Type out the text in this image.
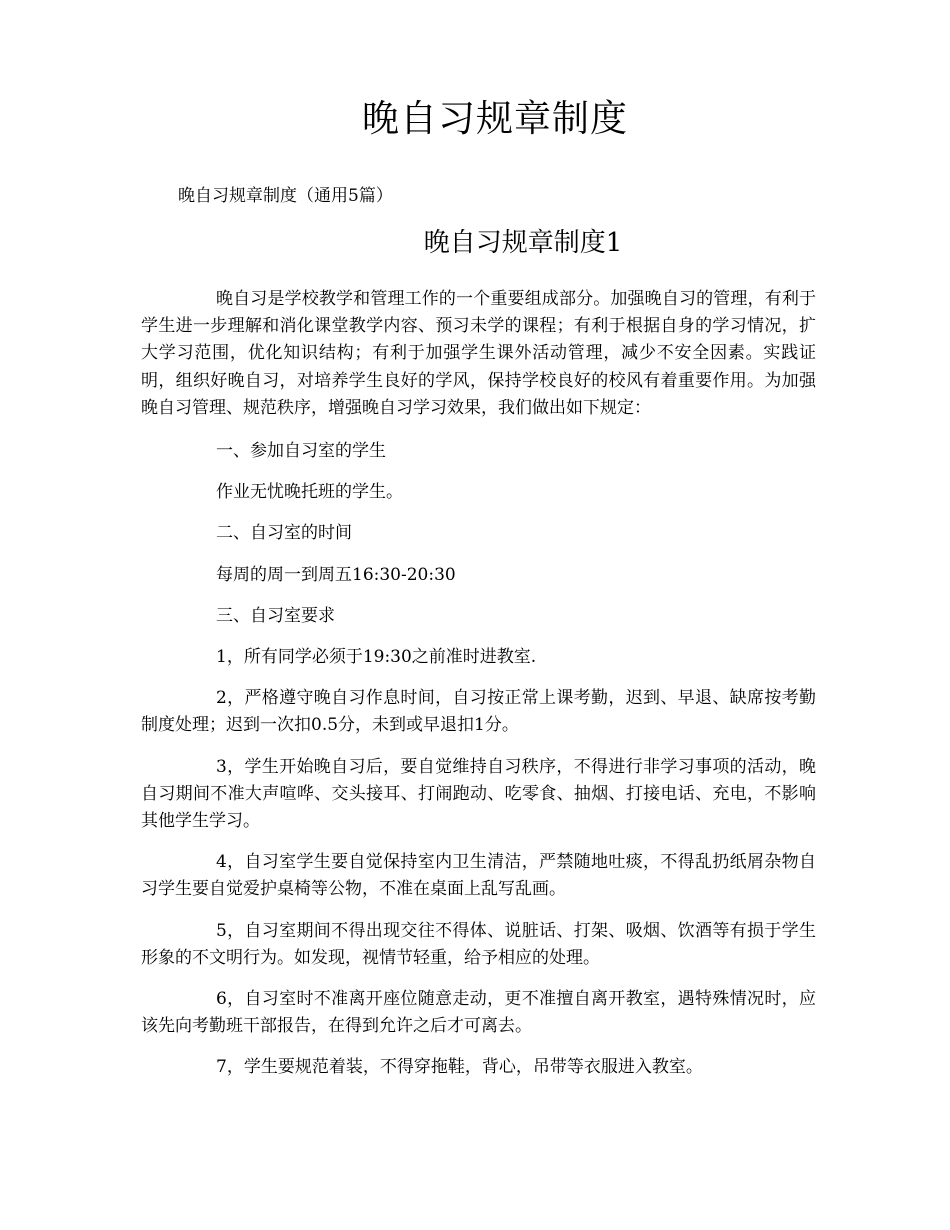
晚自习规章制度
晚自习规章制度（通用5篇）
晚自习规章制度1

晚自习是学校教学和管理工作的一个重要组成部分。加强晚自习的管理，有利于学生进一步理解和消化课堂教学内容、预习未学的课程；有利于根据自身的学习情况，扩大学习范围，优化知识结构；有利于加强学生课外活动管理，减少不安全因素。实践证明，组织好晚自习，对培养学生良好的学风，保持学校良好的校风有着重要作用。为加强晚自习管理、规范秩序，增强晚自习学习效果，我们做出如下规定：

一、参加自习室的学生

作业无忧晚托班的学生。

二、自习室的时间

每周的周一到周五16:30-20:30

三、自习室要求

1，所有同学必须于19:30之前准时进教室.

2，严格遵守晚自习作息时间，自习按正常上课考勤，迟到、早退、缺席按考勤制度处理；迟到一次扣0.5分，未到或早退扣1分。

3，学生开始晚自习后，要自觉维持自习秩序，不得进行非学习事项的活动，晚自习期间不准大声喧哗、交头接耳、打闹跑动、吃零食、抽烟、打接电话、充电，不影响其他学生学习。

4，自习室学生要自觉保持室内卫生清洁，严禁随地吐痰，不得乱扔纸屑杂物自习学生要自觉爱护桌椅等公物，不准在桌面上乱写乱画。

5，自习室期间不得出现交往不得体、说脏话、打架、吸烟、饮酒等有损于学生形象的不文明行为。如发现，视情节轻重，给予相应的处理。

6，自习室时不准离开座位随意走动，更不准擅自离开教室，遇特殊情况时，应该先向考勤班干部报告，在得到允许之后才可离去。

7，学生要规范着装，不得穿拖鞋，背心，吊带等衣服进入教室。
